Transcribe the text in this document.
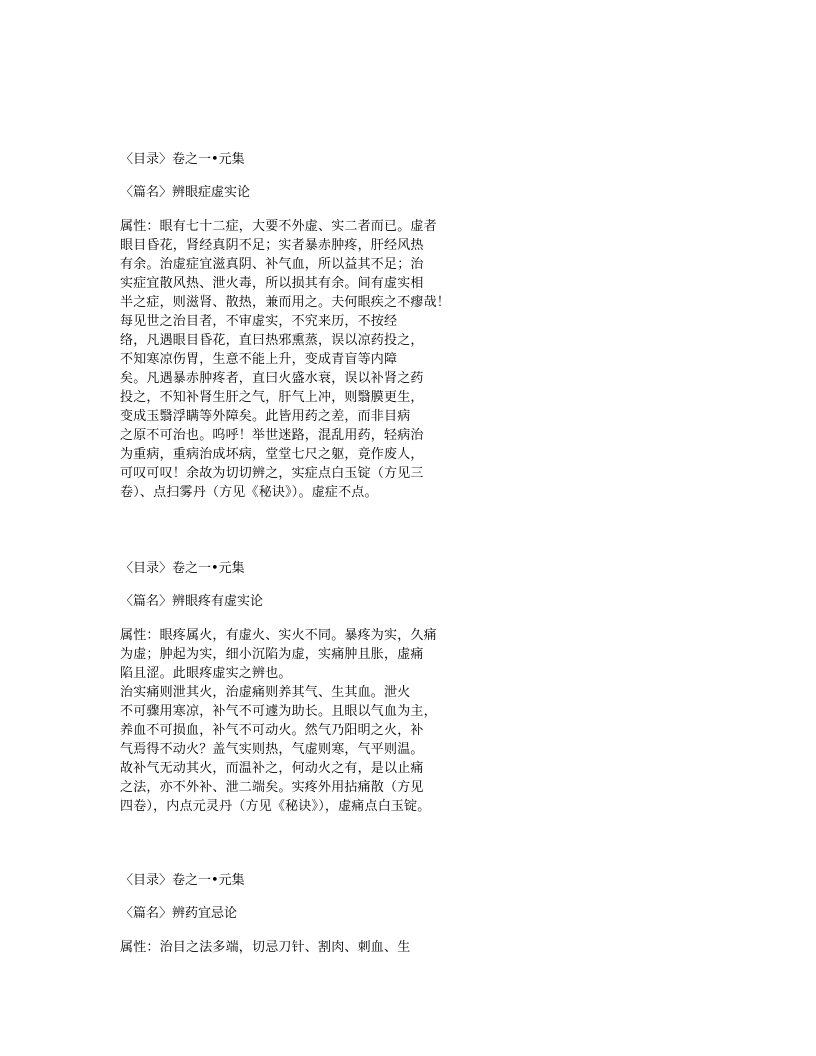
〈目录〉卷之一•元集

〈篇名〉辨眼症虚实论

属性：眼有七十二症，大要不外虚、实二者而已。虚者

眼目昏花，肾经真阴不足；实者暴赤肿疼，肝经风热

有余。治虚症宜滋真阴、补气血，所以益其不足；治

实症宜散风热、泄火毒，所以损其有余。间有虚实相

半之症，则滋肾、散热，兼而用之。夫何眼疾之不瘳哉！

每见世之治目者，不审虚实，不究来历，不按经

络，凡遇眼目昏花，直曰热邪熏蒸，误以凉药投之，

不知寒凉伤胃，生意不能上升，变成青盲等内障

矣。凡遇暴赤肿疼者，直曰火盛水衰，误以补肾之药

投之，不知补肾生肝之气，肝气上冲，则翳膜更生，

变成玉翳浮瞒等外障矣。此皆用药之差，而非目病

之原不可治也。呜呼！举世迷路，混乱用药，轻病治

为重病，重病治成坏病，堂堂七尺之躯，竟作废人，

可叹可叹！余故为切切辨之，实症点白玉锭（方见三

卷）、点扫雾丹（方见《秘诀》）。虚症不点。

〈目录〉卷之一•元集

〈篇名〉辨眼疼有虚实论

属性：眼疼属火，有虚火、实火不同。暴疼为实，久痛

为虚；肿起为实，细小沉陷为虚，实痛肿且胀，虚痛

陷且涩。此眼疼虚实之辨也。

治实痛则泄其火，治虚痛则养其气、生其血。泄火

不可骤用寒凉，补气不可遽为助长。且眼以气血为主，

养血不可损血，补气不可动火。然气乃阳明之火，补

气焉得不动火？盖气实则热，气虚则寒，气平则温。

故补气无动其火，而温补之，何动火之有，是以止痛

之法，亦不外补、泄二端矣。实疼外用拈痛散（方见

四卷），内点元灵丹（方见《秘诀》），虚痛点白玉锭。

〈目录〉卷之一•元集

〈篇名〉辨药宜忌论

属性：治目之法多端，切忌刀针、割肉、刺血、生
